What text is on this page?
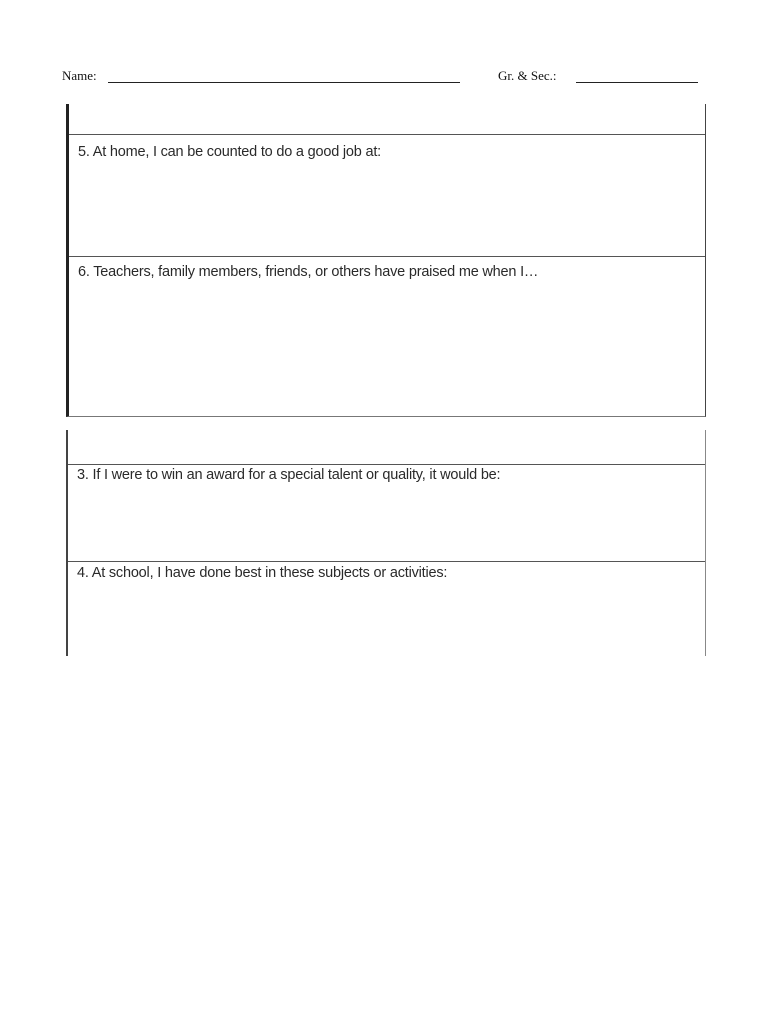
Name:	Gr. & Sec.:
5. At home, I can be counted to do a good job at:
6. Teachers, family members, friends, or others have praised me when I…
3. If I were to win an award for a special talent or quality, it would be:
4. At school, I have done best in these subjects or activities:
